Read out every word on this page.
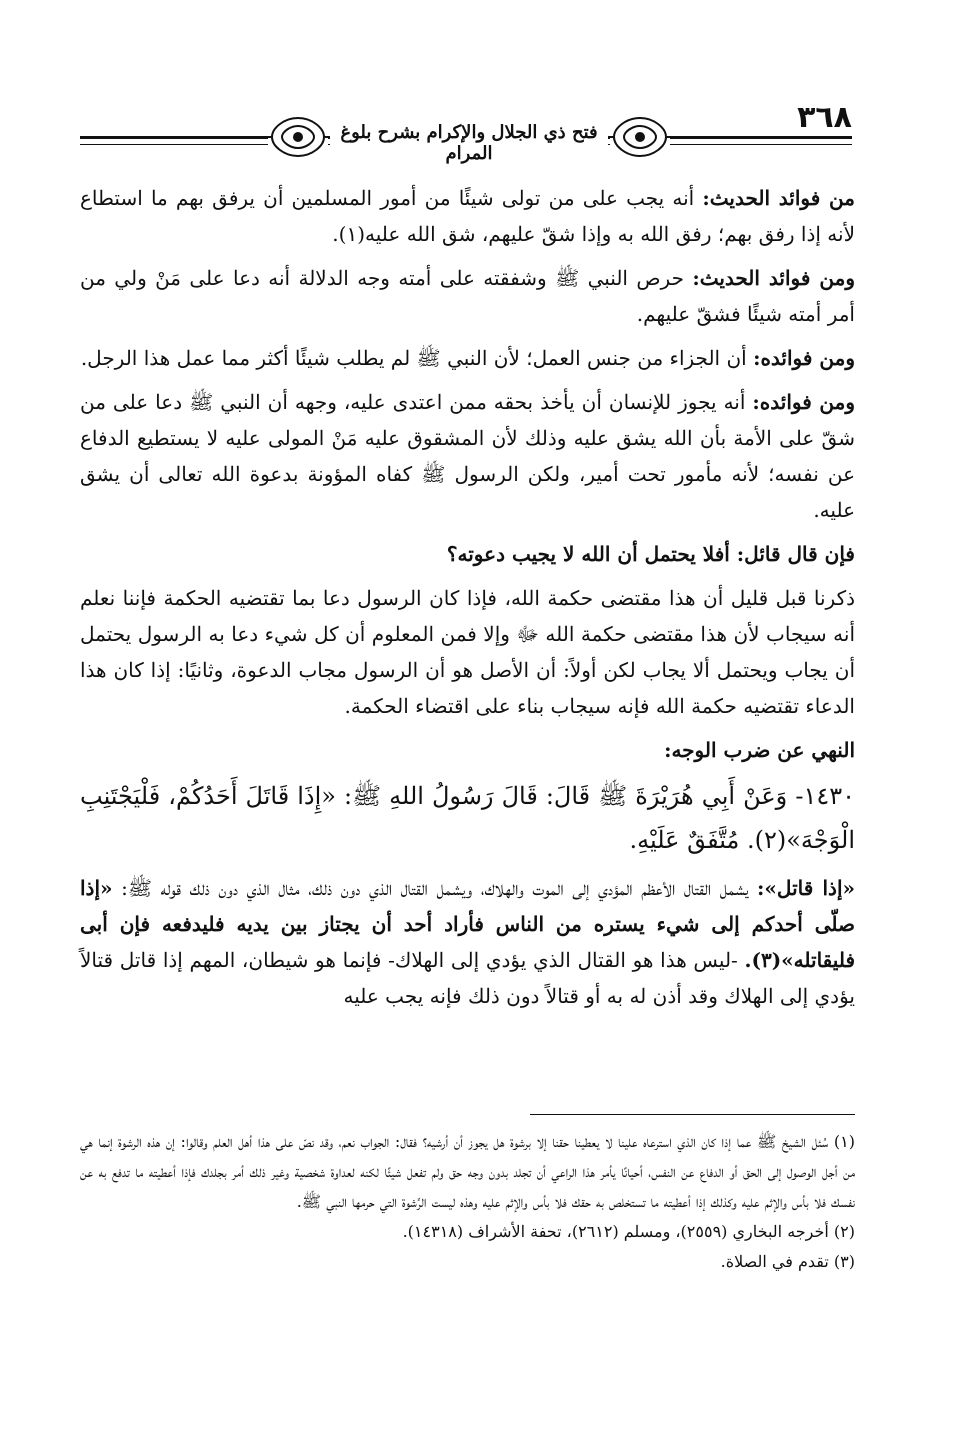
فتح ذي الجلال والإكرام بشرح بلوغ المرام
٣٦٨

من فوائد الحديث: أنه يجب على من تولى شيئًا من أمور المسلمين أن يرفق بهم ما استطاع لأنه إذا رفق بهم؛ رفق الله به وإذا شقّ عليهم، شق الله عليه(١).

ومن فوائد الحديث: حرص النبي ﷺ وشفقته على أمته وجه الدلالة أنه دعا على مَنْ ولي من أمر أمته شيئًا فشقّ عليهم.

ومن فوائده: أن الجزاء من جنس العمل؛ لأن النبي ﷺ لم يطلب شيئًا أكثر مما عمل هذا الرجل.

ومن فوائده: أنه يجوز للإنسان أن يأخذ بحقه ممن اعتدى عليه، وجهه أن النبي ﷺ دعا على من شقّ على الأمة بأن الله يشق عليه وذلك لأن المشقوق عليه مَنْ المولى عليه لا يستطيع الدفاع عن نفسه؛ لأنه مأمور تحت أمير، ولكن الرسول ﷺ كفاه المؤونة بدعوة الله تعالى أن يشق عليه.

فإن قال قائل: أفلا يحتمل أن الله لا يجيب دعوته؟

ذكرنا قبل قليل أن هذا مقتضى حكمة الله، فإذا كان الرسول دعا بما تقتضيه الحكمة فإننا نعلم أنه سيجاب لأن هذا مقتضى حكمة الله ﷻ وإلا فمن المعلوم أن كل شيء دعا به الرسول يحتمل أن يجاب ويحتمل ألا يجاب لكن أولاً: أن الأصل هو أن الرسول مجاب الدعوة، وثانيًا: إذا كان هذا الدعاء تقتضيه حكمة الله فإنه سيجاب بناء على اقتضاء الحكمة.

النهي عن ضرب الوجه:

١٤٣٠- وَعَنْ أَبِي هُرَيْرَةَ ﷺ قَالَ: قَالَ رَسُولُ اللهِ ﷺ: «إِذَا قَاتَلَ أَحَدُكُمْ، فَلْيَجْتَنِبِ الْوَجْهَ»(٢). مُتَّفَقٌ عَلَيْهِ.

«إذا قاتل»: يشمل القتال الأعظم المؤدي إلى الموت والهلاك، ويشمل القتال الذي دون ذلك، مثال الذي دون ذلك قوله ﷺ: «إذا صلّى أحدكم إلى شيء يستره من الناس فأراد أحد أن يجتاز بين يديه فليدفعه فإن أبى فليقاتله»(٣). -ليس هذا هو القتال الذي يؤدي إلى الهلاك- فإنما هو شيطان، المهم إذا قاتل قتالاً يؤدي إلى الهلاك وقد أذن له به أو قتالاً دون ذلك فإنه يجب عليه

(١) سُئل الشيخ ﷺ عما إذا كان الذي استرعاه علينا لا يعطينا حقنا إلا برشوة هل يجوز أن أرشيه؟ فقال: الجواب نعم، وقد نصّ على هذا أهل العلم وقالوا: إن هذه الرشوة إنما هي من أجل الوصول إلى الحق أو الدفاع عن النفس، أحيانًا يأمر هذا الراعي أن تجلد بدون وجه حق ولم تفعل شيئًا لكنه لعداوة شخصية وغير ذلك أمر بجلدك فإذا أعطيته ما تدفع به عن نفسك فلا بأس والإثم عليه وكذلك إذا أعطيته ما تستخلص به حقك فلا بأس والإثم عليه وهذه ليست الرِّشوة التي حرمها النبي ﷺ.

(٢) أخرجه البخاري (٢٥٥٩)، ومسلم (٢٦١٢)، تحفة الأشراف (١٤٣١٨).

(٣) تقدم في الصلاة.
